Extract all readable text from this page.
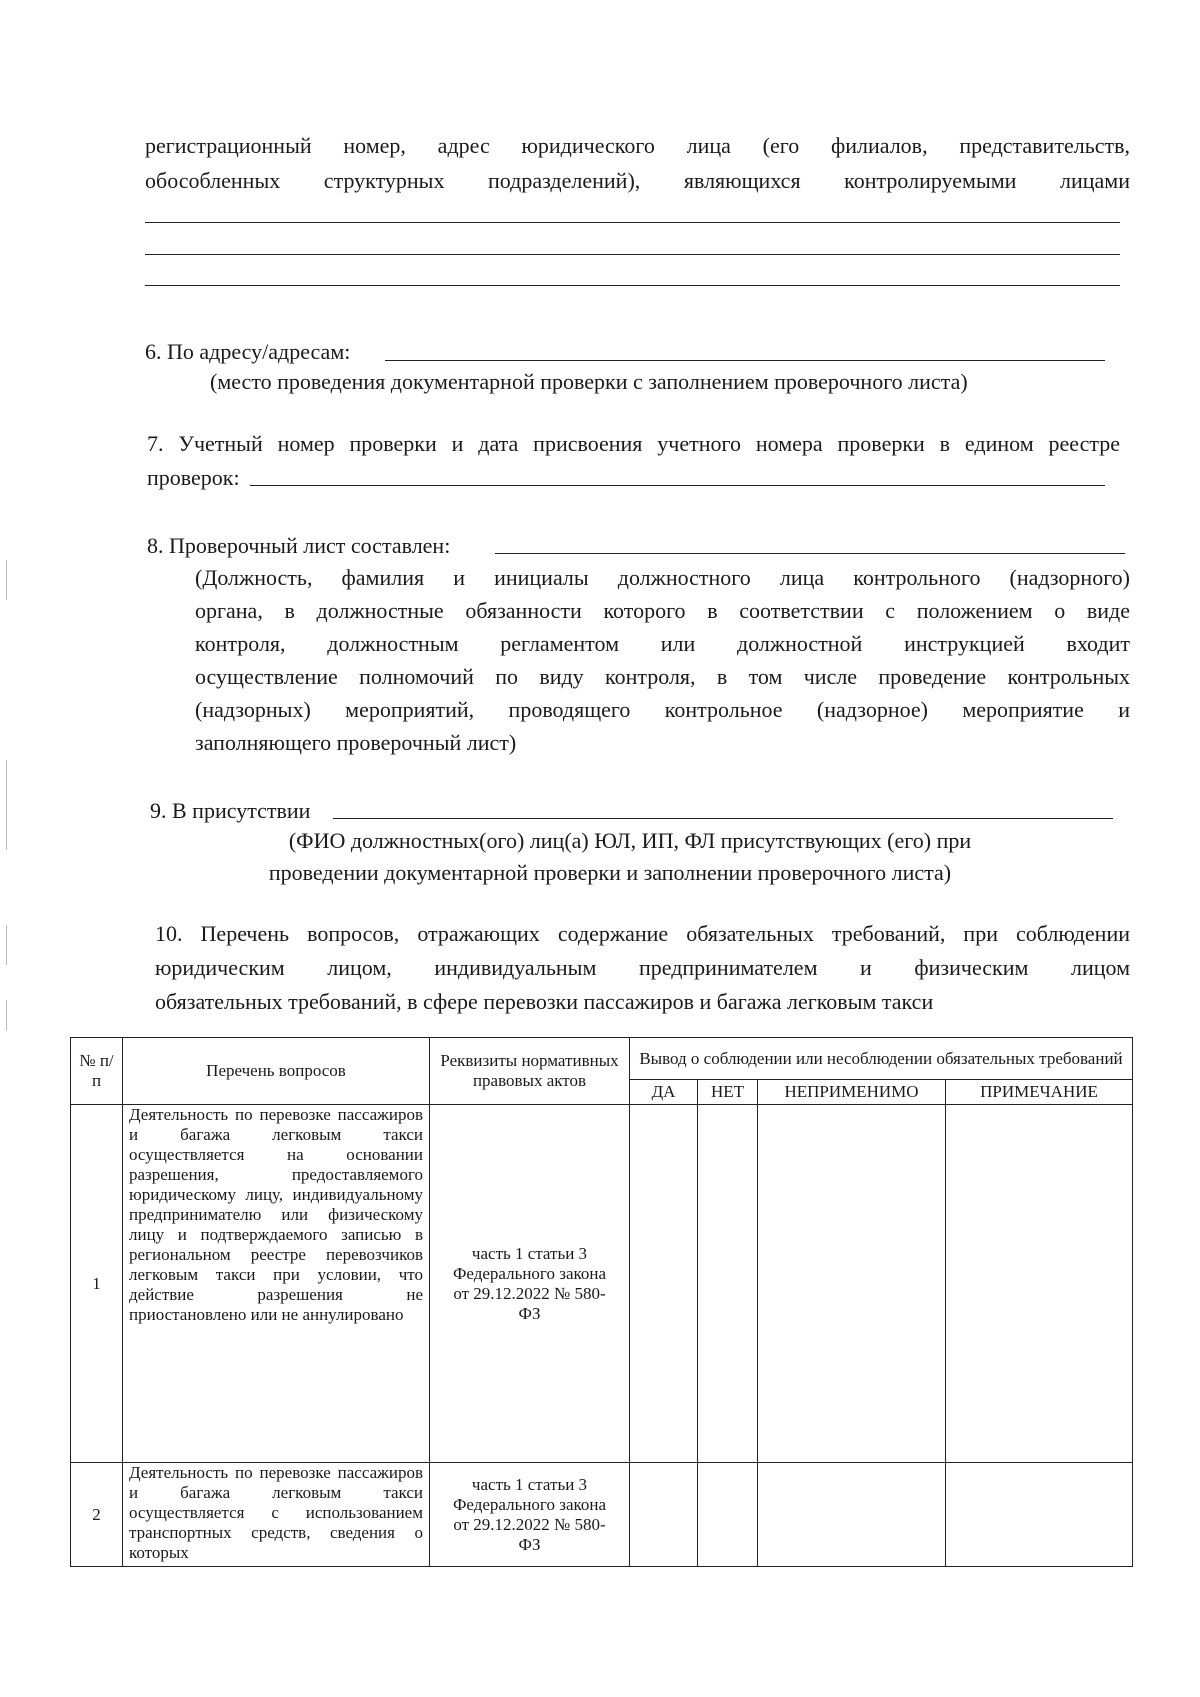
регистрационный номер, адрес юридического лица (его филиалов, представительств,
обособленных структурных подразделений), являющихся контролируемыми лицами
6. По адресу/адресам:
(место проведения документарной проверки с заполнением проверочного листа)
7. Учетный номер проверки и дата присвоения учетного номера проверки в едином реестре
проверок:
8. Проверочный лист составлен:
(Должность, фамилия и инициалы должностного лица контрольного (надзорного)
органа, в должностные обязанности которого в соответствии с положением о виде
контроля, должностным регламентом или должностной инструкцией входит
осуществление полномочий по виду контроля, в том числе проведение контрольных
(надзорных) мероприятий, проводящего контрольное (надзорное) мероприятие и
заполняющего проверочный лист)
9. В присутствии
(ФИО должностных(ого) лиц(а) ЮЛ, ИП, ФЛ присутствующих (его) при
проведении документарной проверки и заполнении проверочного листа)
10. Перечень вопросов, отражающих содержание обязательных требований, при соблюдении
юридическим лицом, индивидуальным предпринимателем и физическим лицом
обязательных требований, в сфере перевозки пассажиров и багажа легковым такси
№ п/п	Перечень вопросов	Реквизиты нормативных правовых актов	Вывод о соблюдении или несоблюдении обязательных требований			
			ДА	НЕТ	НЕПРИМЕНИМО	ПРИМЕЧАНИЕ
1	Деятельность по перевозке пассажиров и багажа легковым такси осуществляется на основании разрешения, предоставляемого юридическому лицу, индивидуальному предпринимателю или физическому лицу и подтверждаемого записью в региональном реестре перевозчиков легковым такси при условии, что действие разрешения не приостановлено или не аннулировано	часть 1 статьи 3 Федерального закона от 29.12.2022 № 580-ФЗ				
2	Деятельность по перевозке пассажиров и багажа легковым такси осуществляется с использованием транспортных средств, сведения о которых	часть 1 статьи 3 Федерального закона от 29.12.2022 № 580-ФЗ				
